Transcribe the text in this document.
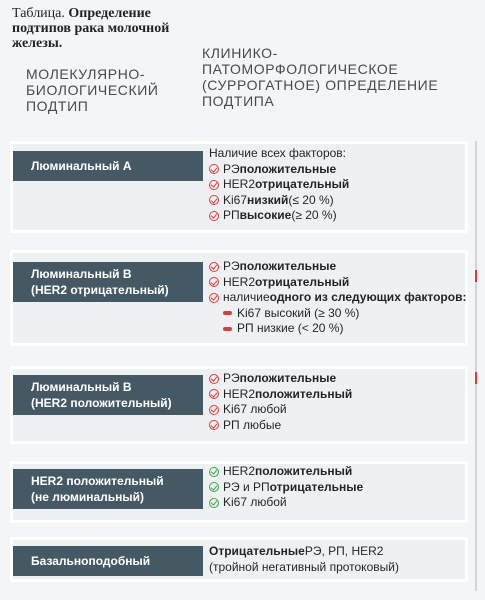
Таблица. Определение подтипов рака молочной железы.
МОЛЕКУЛЯРНО-БИОЛОГИЧЕСКИЙ ПОДТИП
КЛИНИКО-ПАТОМОРФОЛОГИЧЕСКОЕ (СУРРОГАТНОЕ) ОПРЕДЕЛЕНИЕ ПОДТИПА
Люминальный А
Наличие всех факторов:
РЭ положительные
HER2 отрицательный
Ki67 низкий (≤ 20 %)
РП высокие (≥ 20 %)
Люминальный В
(HER2 отрицательный)
РЭ положительные
HER2 отрицательный
наличие одного из следующих факторов:
Ki67 высокий (≥ 30 %)
РП низкие (< 20 %)
Люминальный В
(HER2 положительный)
РЭ положительные
HER2 положительный
Ki67 любой
РП любые
HER2 положительный
(не люминальный)
HER2 положительный
РЭ и РП отрицательные
Ki67 любой
Базальноподобный
Отрицательные РЭ, РП, HER2
(тройной негативный протоковый)
